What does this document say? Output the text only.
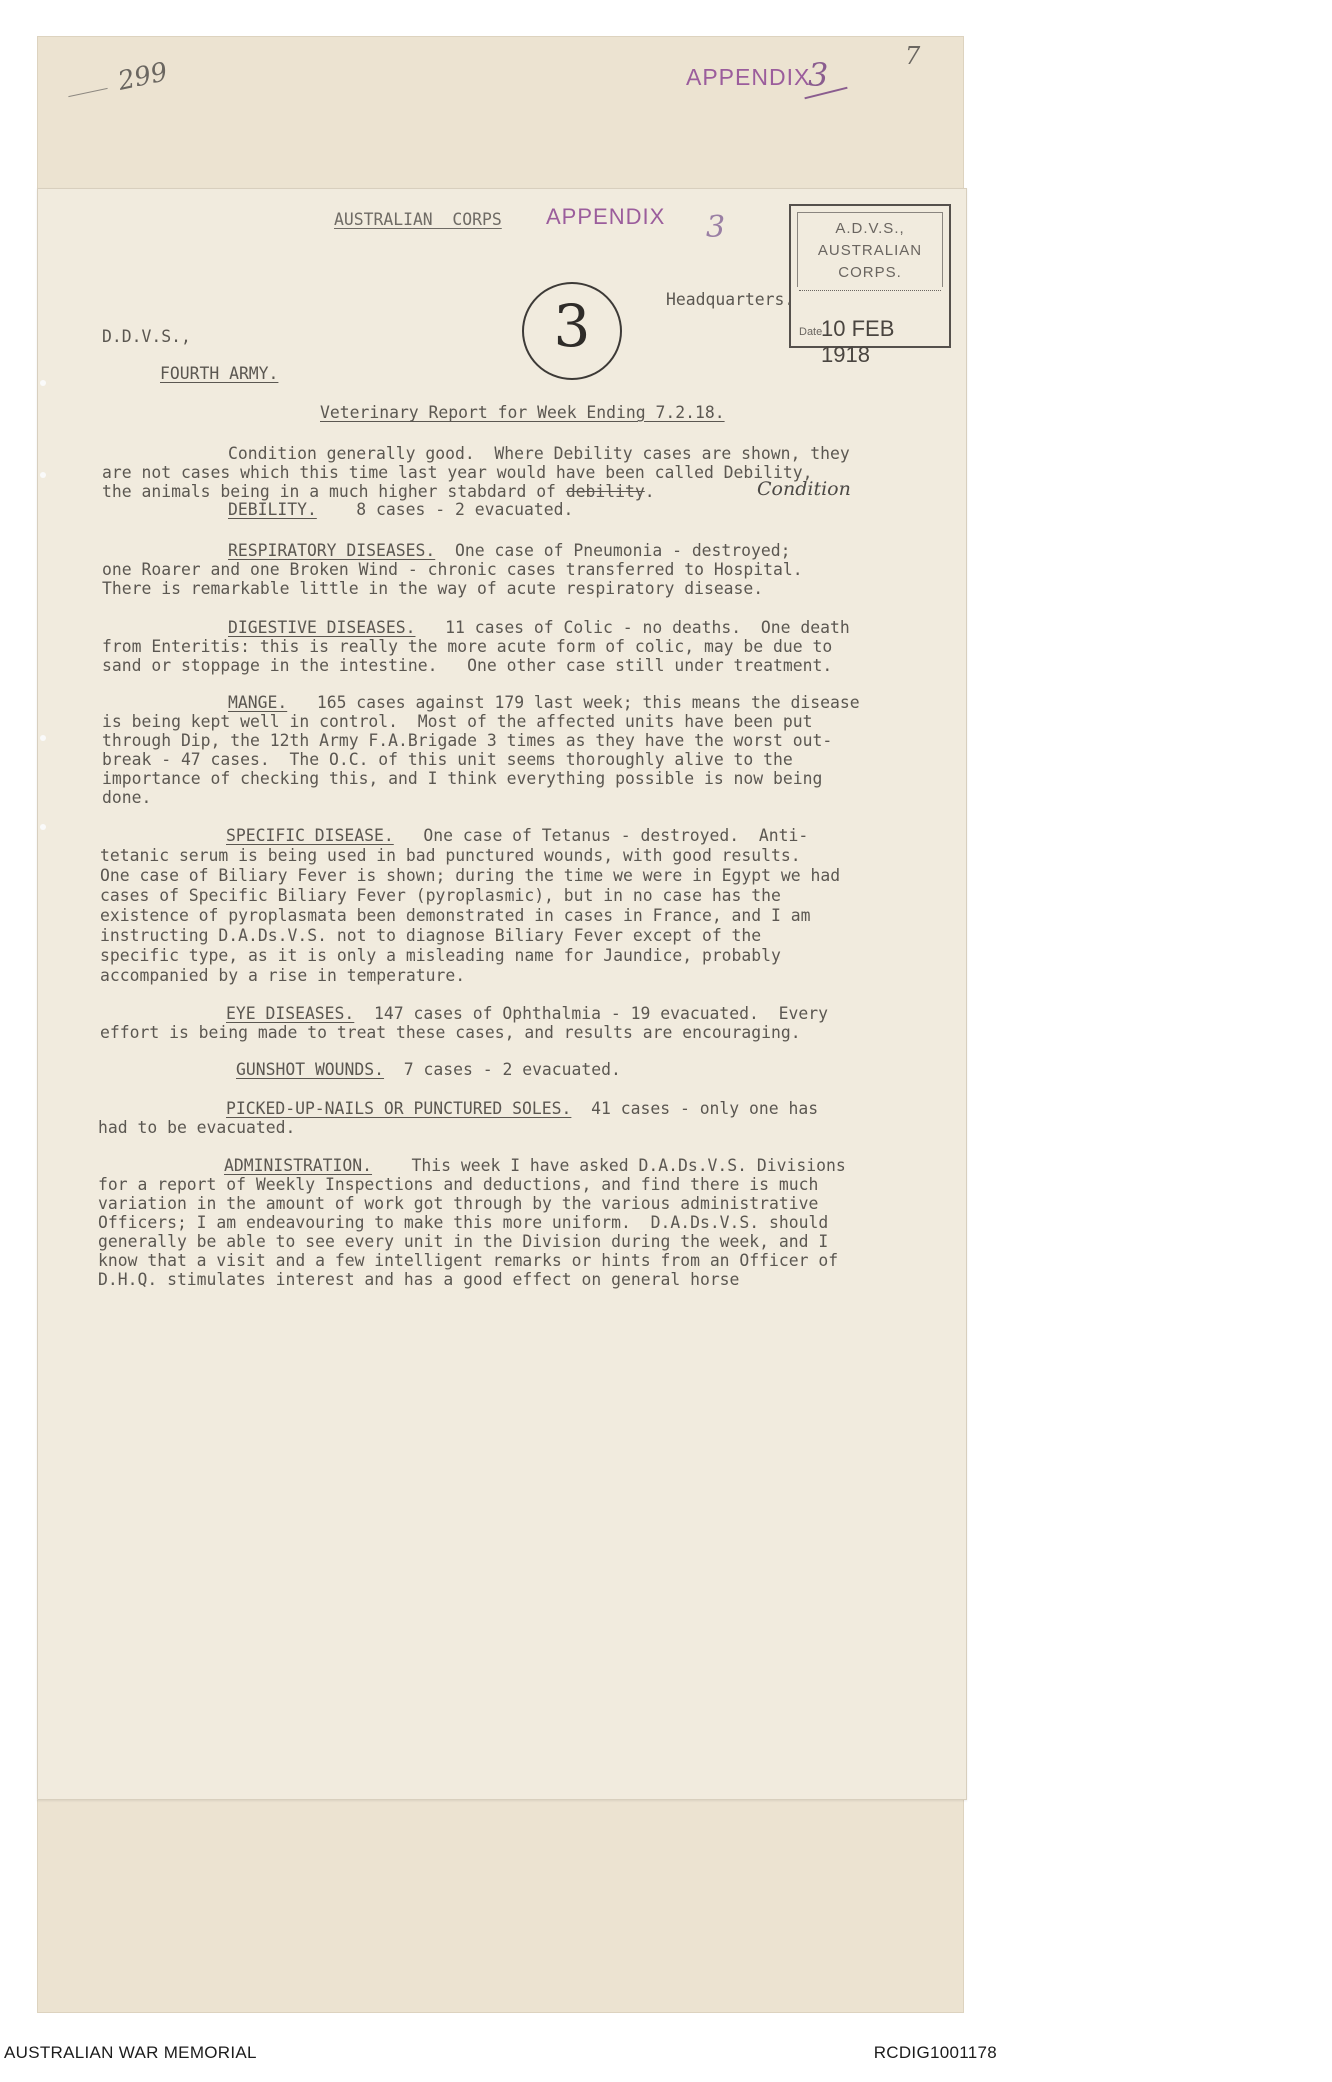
299	APPENDIX
3	7
AUSTRALIAN  CORPS APPENDIX 3
3
A.D.V.S.,
AUSTRALIAN
CORPS.
Date
10 FEB 1918
Headquarters.
D.D.V.S.,
FOURTH ARMY.
Veterinary Report for Week Ending 7.2.18.
Condition generally good.  Where Debility cases are shown, they
are not cases which this time last year would have been called Debility,
the animals being in a much higher stabdard of debility.	Condition
DEBILITY. 8 cases - 2 evacuated.
RESPIRATORY DISEASES. One case of Pneumonia - destroyed;
one Roarer and one Broken Wind - chronic cases transferred to Hospital.
There is remarkable little in the way of acute respiratory disease.
DIGESTIVE DISEASES. 11 cases of Colic - no deaths.  One death
from Enteritis: this is really the more acute form of colic, may be due to
sand or stoppage in the intestine.   One other case still under treatment.
MANGE. 165 cases against 179 last week; this means the disease
is being kept well in control.  Most of the affected units have been put
through Dip, the 12th Army F.A.Brigade 3 times as they have the worst out-
break - 47 cases.  The O.C. of this unit seems thoroughly alive to the
importance of checking this, and I think everything possible is now being
done.
SPECIFIC DISEASE. One case of Tetanus - destroyed.  Anti-
tetanic serum is being used in bad punctured wounds, with good results.
One case of Biliary Fever is shown; during the time we were in Egypt we had
cases of Specific Biliary Fever (pyroplasmic), but in no case has the
existence of pyroplasmata been demonstrated in cases in France, and I am
instructing D.A.Ds.V.S. not to diagnose Biliary Fever except of the
specific type, as it is only a misleading name for Jaundice, probably
accompanied by a rise in temperature.
EYE DISEASES. 147 cases of Ophthalmia - 19 evacuated.  Every
effort is being made to treat these cases, and results are encouraging.
GUNSHOT WOUNDS. 7 cases - 2 evacuated.
PICKED-UP-NAILS OR PUNCTURED SOLES. 41 cases - only one has
had to be evacuated.
ADMINISTRATION. This week I have asked D.A.Ds.V.S. Divisions
for a report of Weekly Inspections and deductions, and find there is much
variation in the amount of work got through by the various administrative
Officers; I am endeavouring to make this more uniform.  D.A.Ds.V.S. should
generally be able to see every unit in the Division during the week, and I
know that a visit and a few intelligent remarks or hints from an Officer of
D.H.Q. stimulates interest and has a good effect on general horse
AUSTRALIAN WAR MEMORIAL	RCDIG1001178
